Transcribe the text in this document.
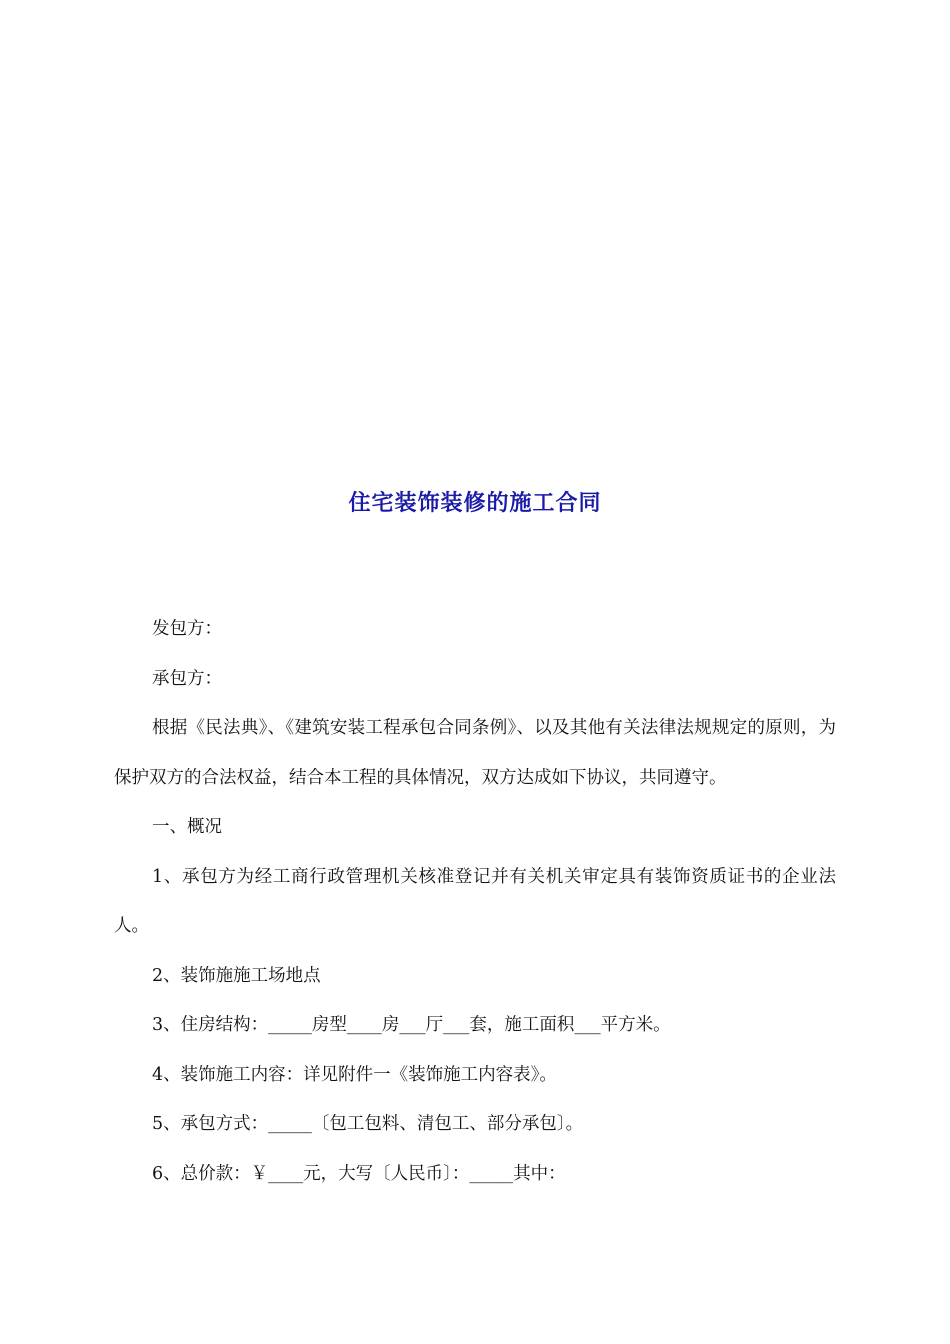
住宅装饰装修的施工合同

发包方：

承包方：

根据《民法典》、《建筑安装工程承包合同条例》、以及其他有关法律法规规定的原则，为保护双方的合法权益，结合本工程的具体情况，双方达成如下协议，共同遵守。

一、概况

1、承包方为经工商行政管理机关核准登记并有关机关审定具有装饰资质证书的企业法人。

2、装饰施施工场地点

3、住房结构：_____房型____房___厅___套，施工面积___平方米。

4、装饰施工内容：详见附件一《装饰施工内容表》。

5、承包方式：_____〔包工包料、清包工、部分承包〕。

6、总价款：￥____元，大写〔人民币〕：_____其中：
